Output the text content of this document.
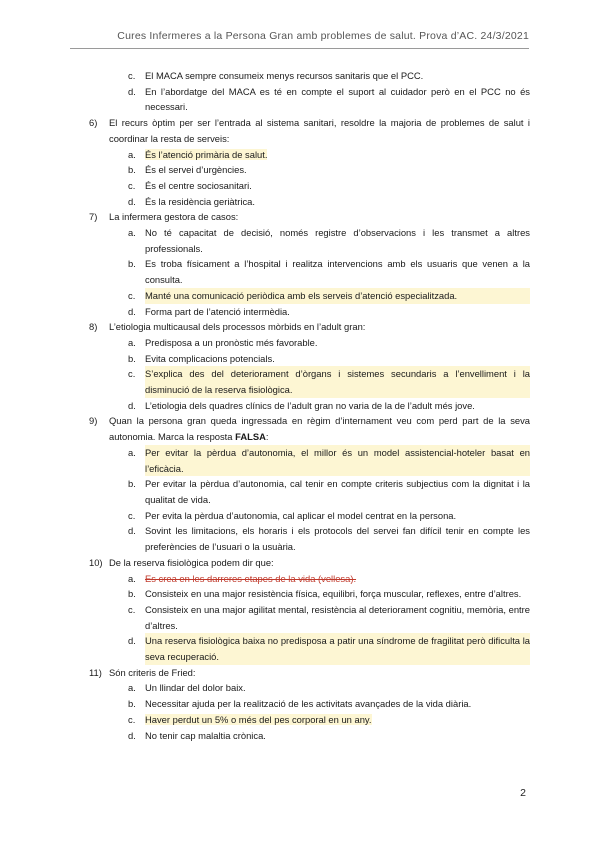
Cures Infermeres a la Persona Gran amb problemes de salut. Prova d’AC. 24/3/2021
c. El MACA sempre consumeix menys recursos sanitaris que el PCC.
d. En l’abordatge del MACA es té en compte el suport al cuidador però en el PCC no és necessari.
6) El recurs òptim per ser l’entrada al sistema sanitari, resoldre la majoria de problemes de salut i coordinar la resta de serveis:
a. És l’atenció primària de salut.
b. És el servei d’urgències.
c. És el centre sociosanitari.
d. És la residència geriàtrica.
7) La infermera gestora de casos:
a. No té capacitat de decisió, només registre d’observacions i les transmet a altres professionals.
b. Es troba físicament a l’hospital i realitza intervencions amb els usuaris que venen a la consulta.
c. Manté una comunicació periòdica amb els serveis d’atenció especialitzada.
d. Forma part de l’atenció intermèdia.
8) L’etiologia multicausal dels processos mòrbids en l’adult gran:
a. Predisposa a un pronòstic més favorable.
b. Evita complicacions potencials.
c. S’explica des del deteriorament d’òrgans i sistemes secundaris a l’envelliment i la disminució de la reserva fisiològica.
d. L’etiologia dels quadres clínics de l’adult gran no varia de la de l’adult més jove.
9) Quan la persona gran queda ingressada en règim d’internament veu com perd part de la seva autonomia. Marca la resposta FALSA:
a. Per evitar la pèrdua d’autonomia, el millor és un model assistencial-hoteler basat en l’eficàcia.
b. Per evitar la pèrdua d’autonomia, cal tenir en compte criteris subjectius com la dignitat i la qualitat de vida.
c. Per evita la pèrdua d’autonomia, cal aplicar el model centrat en la persona.
d. Sovint les limitacions, els horaris i els protocols del servei fan difícil tenir en compte les preferències de l’usuari o la usuària.
10) De la reserva fisiològica podem dir que:
a. Es crea en les darreres etapes de la vida (vellesa).
b. Consisteix en una major resistència física, equilibri, força muscular, reflexes, entre d’altres.
c. Consisteix en una major agilitat mental, resistència al deteriorament cognitiu, memòria, entre d’altres.
d. Una reserva fisiològica baixa no predisposa a patir una síndrome de fragilitat però dificulta la seva recuperació.
11) Són criteris de Fried:
a. Un llindar del dolor baix.
b. Necessitar ajuda per la realització de les activitats avançades de la vida diària.
c. Haver perdut un 5% o més del pes corporal en un any.
d. No tenir cap malaltia crònica.
2
